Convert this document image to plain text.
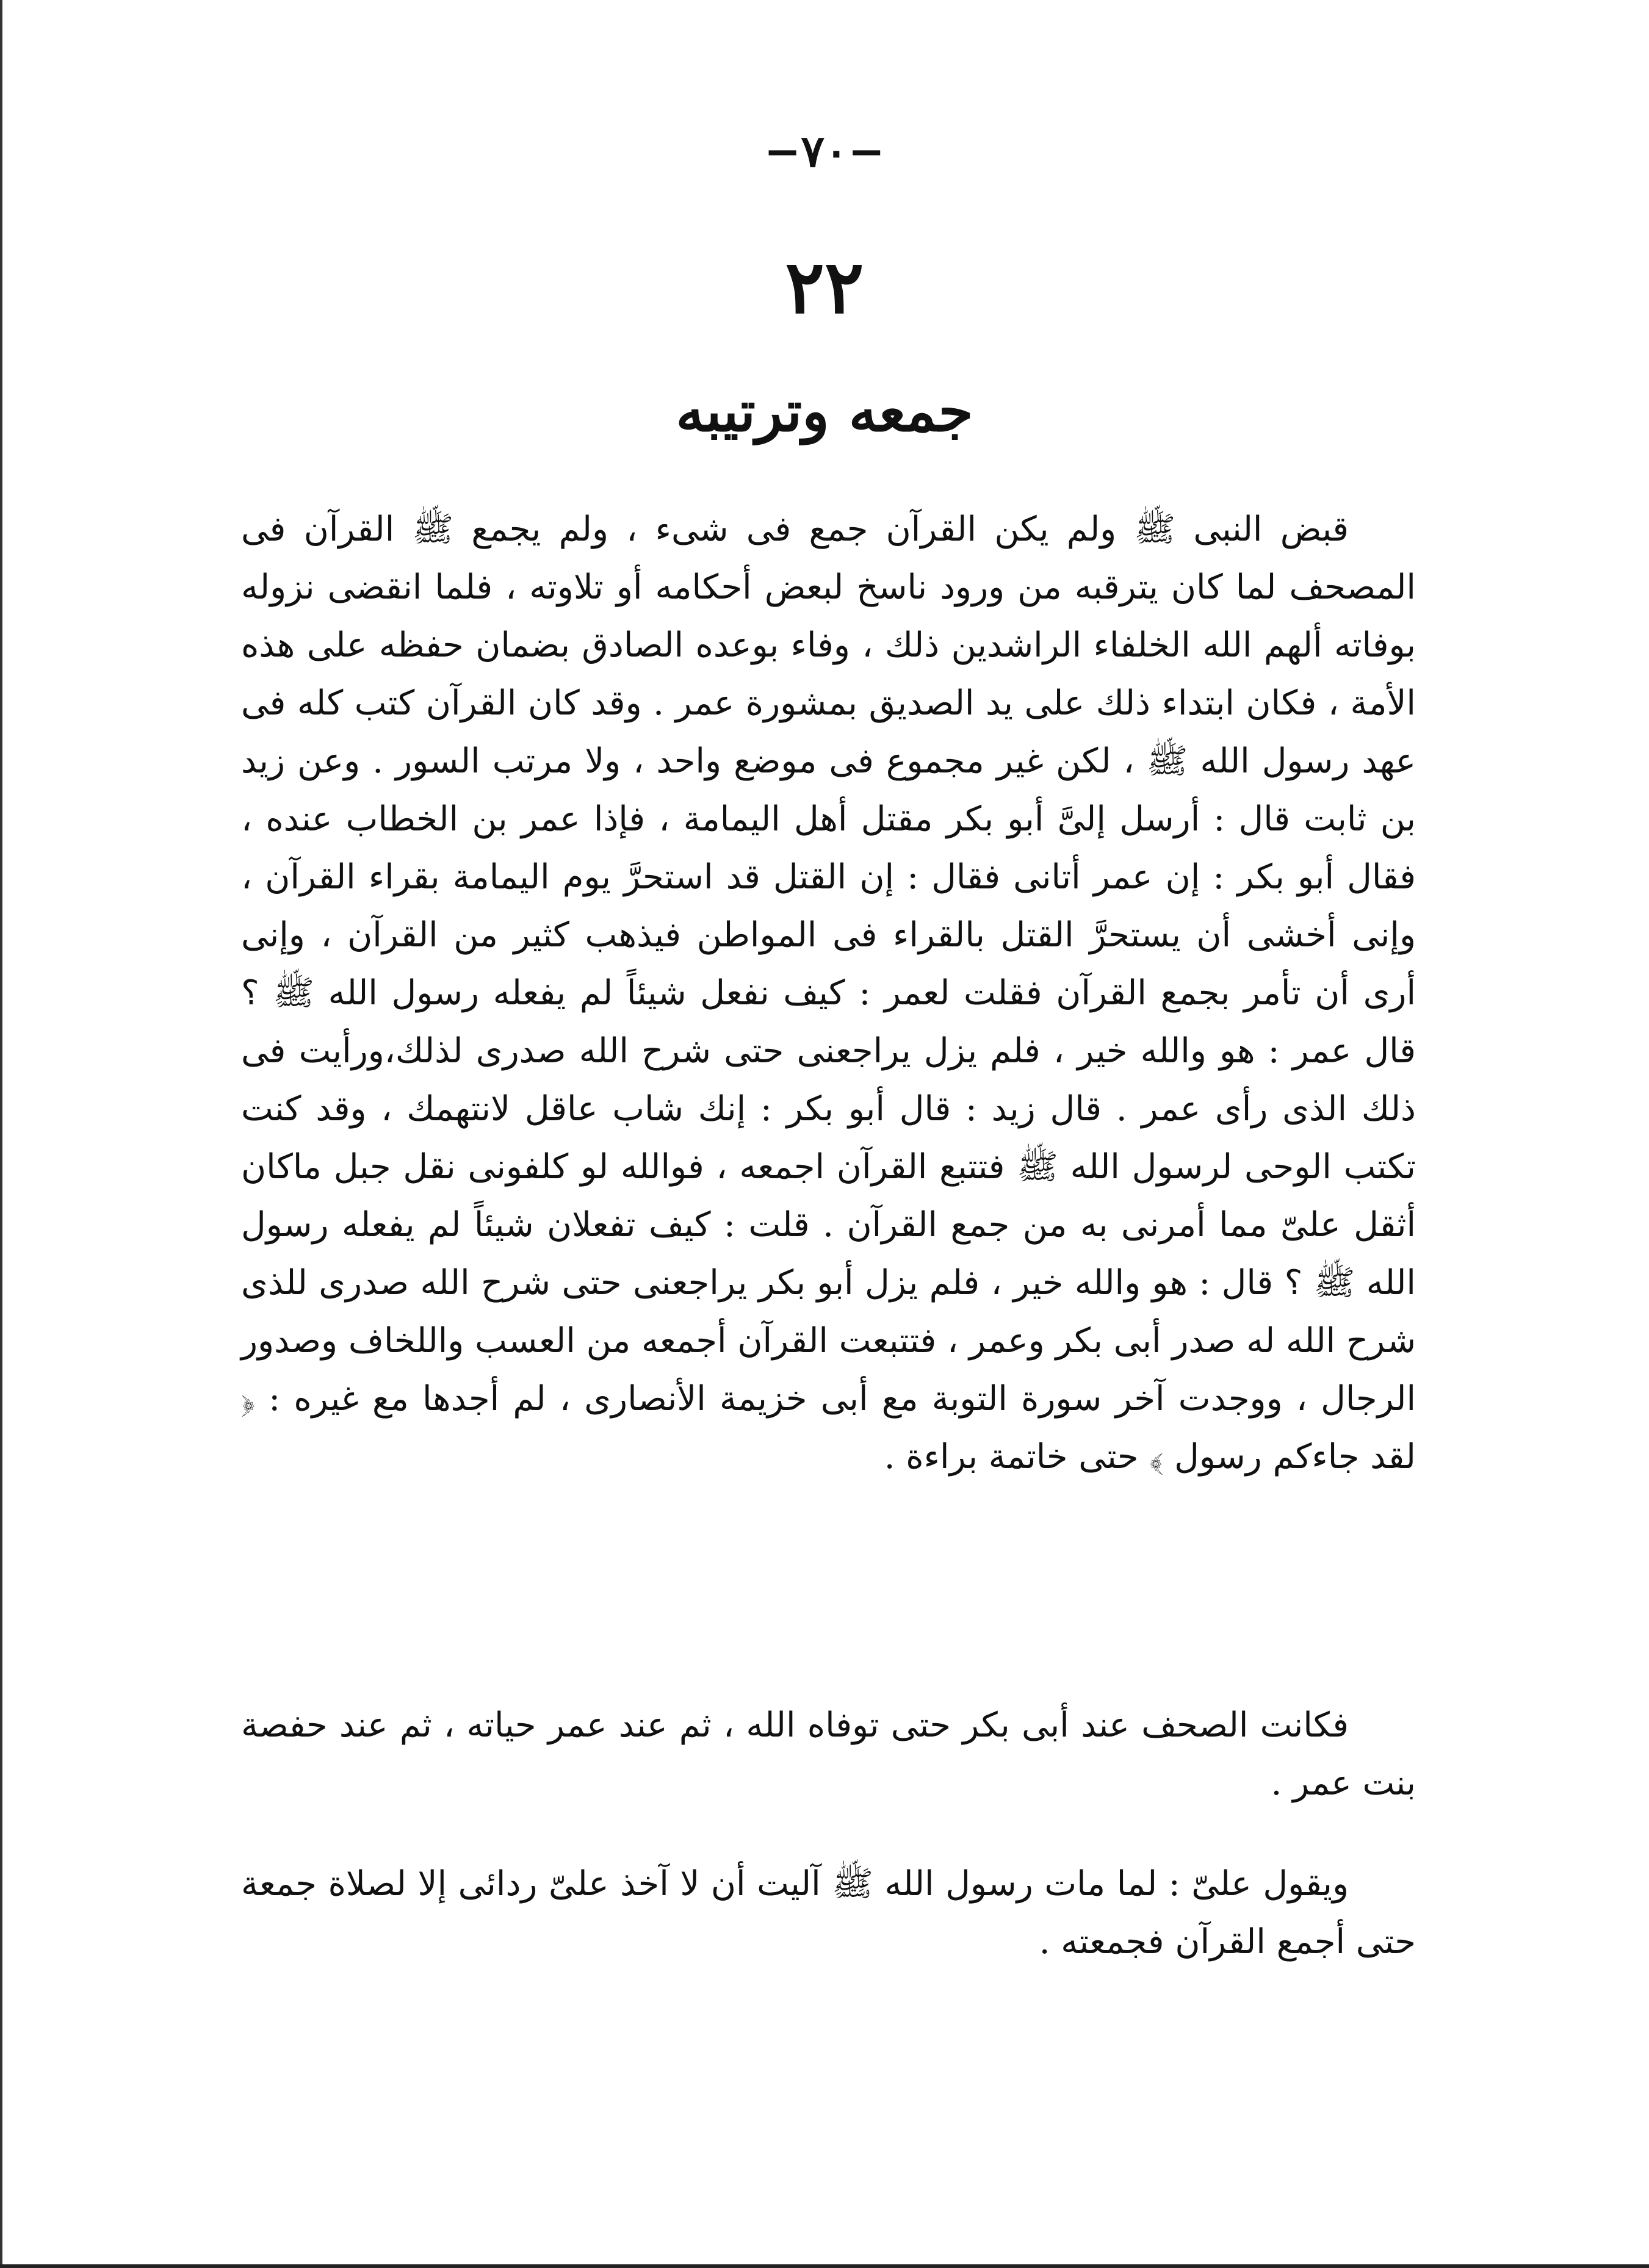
−٧٠−
٢٢
جمعه وترتيبه

قبض النبى ﷺ ولم يكن القرآن جمع فى شىء ، ولم يجمع ﷺ القرآن فى المصحف لما كان يترقبه من ورود ناسخ لبعض أحكامه أو تلاوته ، فلما انقضى نزوله بوفاته ألهم الله الخلفاء الراشدين ذلك ، وفاء بوعده الصادق بضمان حفظه على هذه الأمة ، فكان ابتداء ذلك على يد الصديق بمشورة عمر . وقد كان القرآن كتب كله فى عهد رسول الله ﷺ ، لكن غير مجموع فى موضع واحد ، ولا مرتب السور . وعن زيد بن ثابت قال : أرسل إلىَّ أبو بكر مقتل أهل اليمامة ، فإذا عمر بن الخطاب عنده ، فقال أبو بكر : إن عمر أتانى فقال : إن القتل قد استحرَّ يوم اليمامة بقراء القرآن ، وإنى أخشى أن يستحرَّ القتل بالقراء فى المواطن فيذهب كثير من القرآن ، وإنى أرى أن تأمر بجمع القرآن فقلت لعمر : كيف نفعل شيئاً لم يفعله رسول الله ﷺ ؟ قال عمر : هو والله خير ، فلم يزل يراجعنى حتى شرح الله صدرى لذلك،ورأيت فى ذلك الذى رأى عمر . قال زيد : قال أبو بكر : إنك شاب عاقل لانتهمك ، وقد كنت تكتب الوحى لرسول الله ﷺ فتتبع القرآن اجمعه ، فوالله لو كلفونى نقل جبل ماكان أثقل علىّ مما أمرنى به من جمع القرآن . قلت : كيف تفعلان شيئاً لم يفعله رسول الله ﷺ ؟ قال : هو والله خير ، فلم يزل أبو بكر يراجعنى حتى شرح الله صدرى للذى شرح الله له صدر أبى بكر وعمر ، فتتبعت القرآن أجمعه من العسب واللخاف وصدور الرجال ، ووجدت آخر سورة التوبة مع أبى خزيمة الأنصارى ، لم أجدها مع غيره : ﴿ لقد جاءكم رسول ﴾ حتى خاتمة براءة .

فكانت الصحف عند أبى بكر حتى توفاه الله ، ثم عند عمر حياته ، ثم عند حفصة بنت عمر .

ويقول علىّ : لما مات رسول الله ﷺ آليت أن لا آخذ علىّ ردائى إلا لصلاة جمعة حتى أجمع القرآن فجمعته .
